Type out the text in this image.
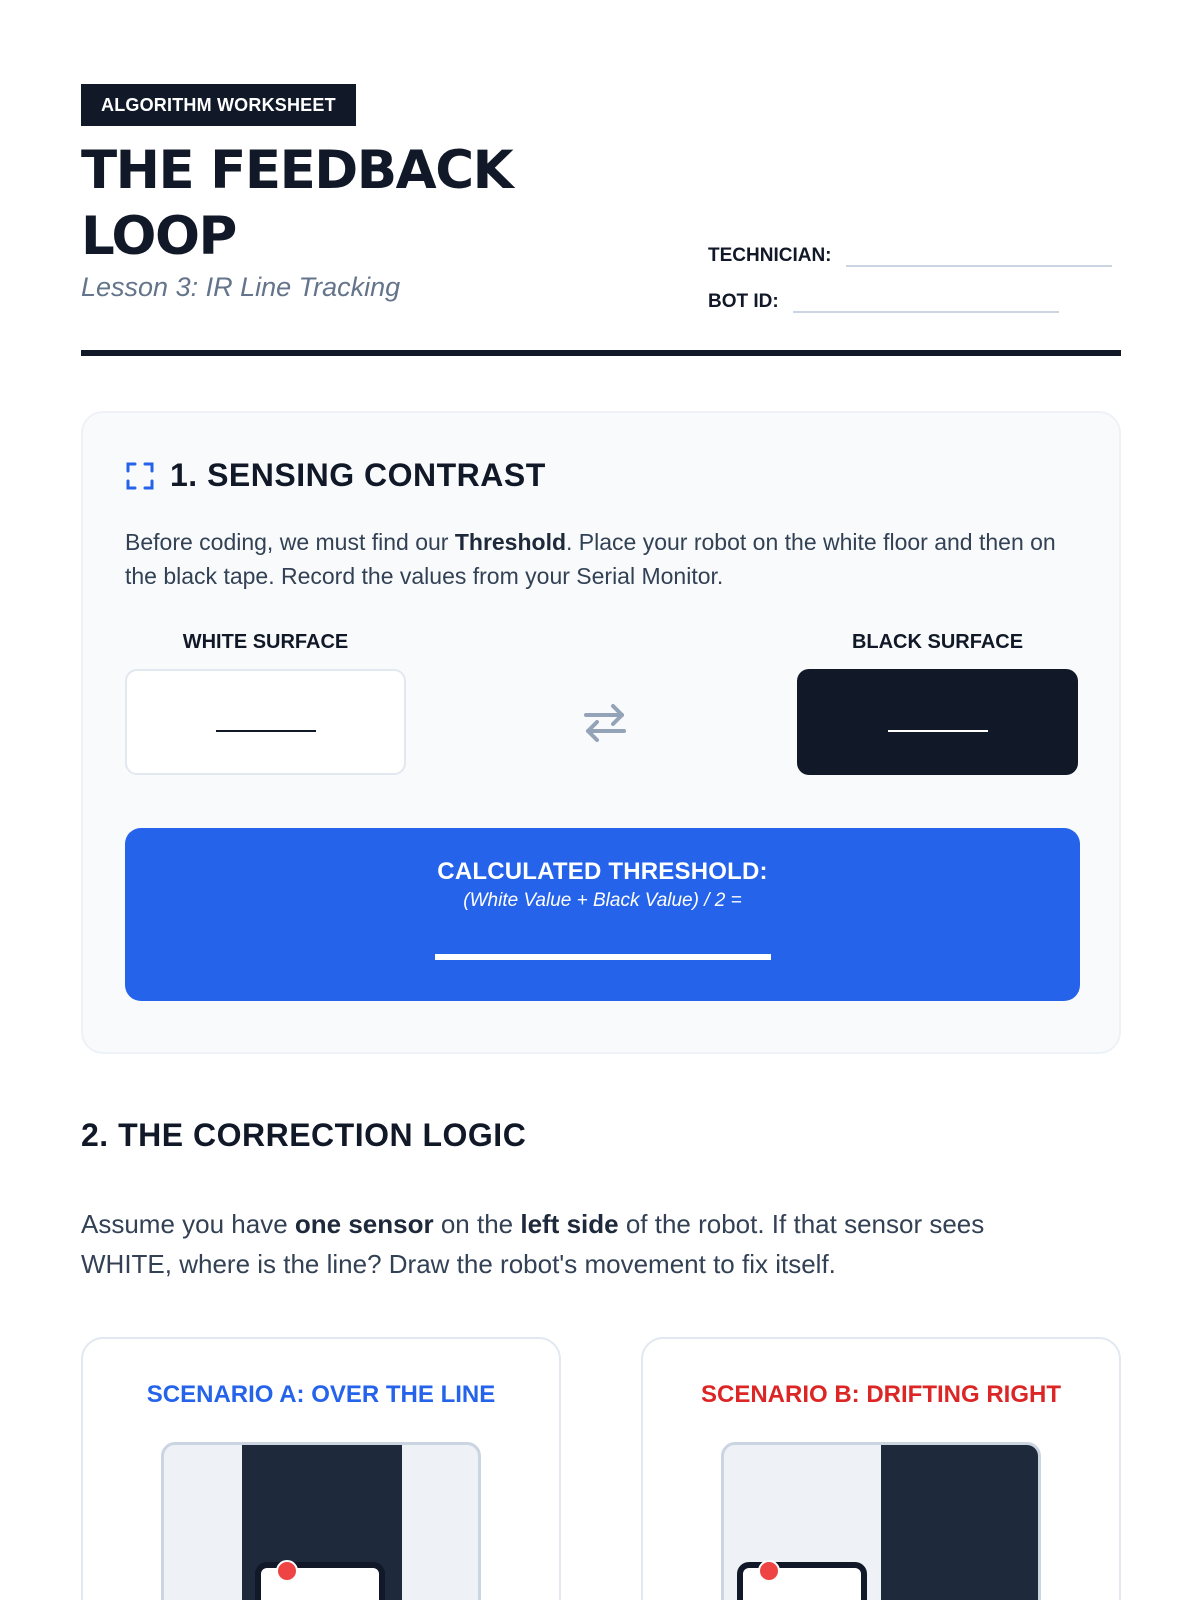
ALGORITHM WORKSHEET
THE FEEDBACK
LOOP
Lesson 3: IR Line Tracking
TECHNICIAN:
BOT ID:
1. SENSING CONTRAST

Before coding, we must find our Threshold. Place your robot on the white floor and then on the black tape. Record the values from your Serial Monitor.

WHITE SURFACE	BLACK SURFACE
CALCULATED THRESHOLD:
(White Value + Black Value) / 2 =
2. THE CORRECTION LOGIC

Assume you have one sensor on the left side of the robot. If that sensor sees WHITE, where is the line? Draw the robot's movement to fix itself.

SCENARIO A: OVER THE LINE	SCENARIO B: DRIFTING RIGHT
